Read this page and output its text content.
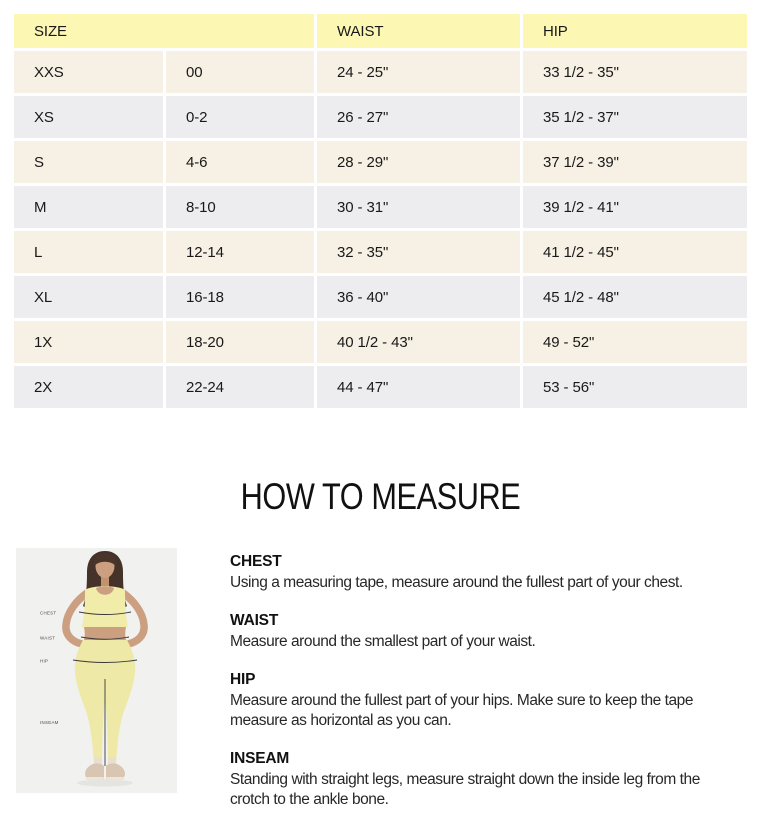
SIZE	WAIST	HIP
XXS	00	24 - 25"	33 1/2 - 35"
XS	0-2	26 - 27"	35 1/2 - 37"
S	4-6	28 - 29"	37 1/2 - 39"
M	8-10	30 - 31"	39 1/2 - 41"
L	12-14	32 - 35"	41 1/2 - 45"
XL	16-18	36 - 40"	45 1/2 - 48"
1X	18-20	40 1/2 - 43"	49 - 52"
2X	22-24	44 - 47"	53 - 56"
HOW TO MEASURE
CHEST
WAIST
HIP
INSEAM
CHEST

Using a measuring tape, measure around the fullest part of your chest.

WAIST

Measure around the smallest part of your waist.

HIP

Measure around the fullest part of your hips. Make sure to keep the tape measure as horizontal as you can.

INSEAM

Standing with straight legs, measure straight down the inside leg from the crotch to the ankle bone.
